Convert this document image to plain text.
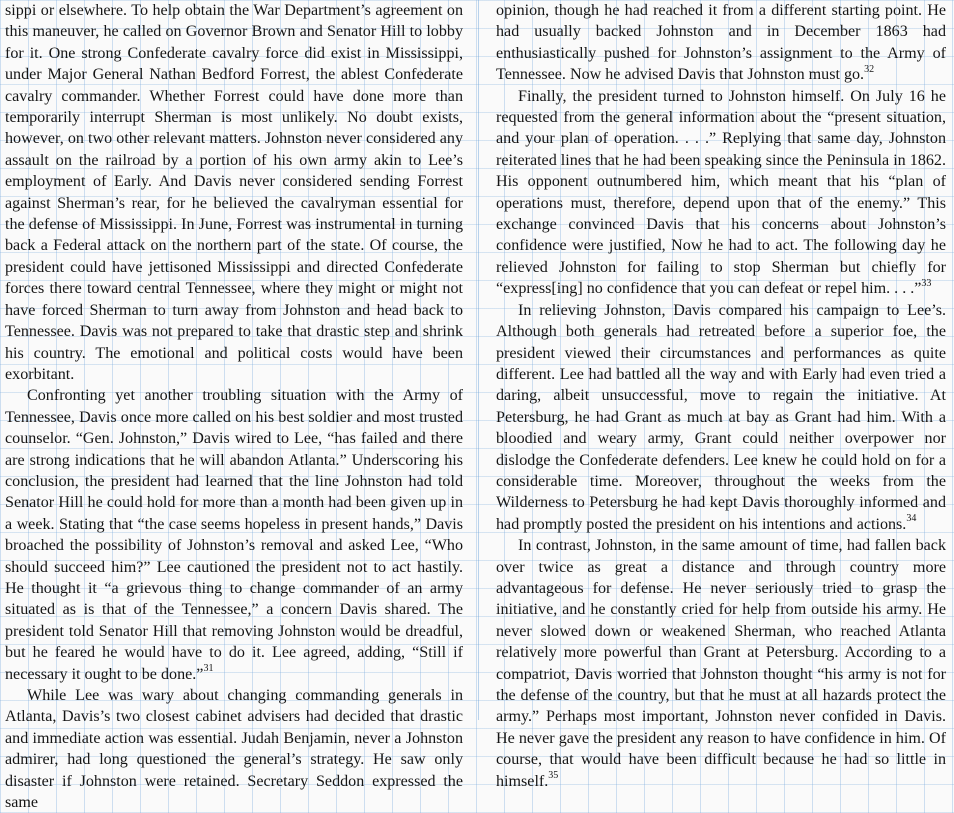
sippi or elsewhere. To help obtain the War Department’s agreement on this maneuver, he called on Governor Brown and Senator Hill to lobby for it. One strong Confederate cavalry force did exist in Mississippi, under Major General Nathan Bedford Forrest, the ablest Confederate cavalry commander. Whether Forrest could have done more than temporarily interrupt Sherman is most unlikely. No doubt exists, however, on two other relevant matters. Johnston never considered any assault on the railroad by a portion of his own army akin to Lee’s employment of Early. And Davis never considered sending Forrest against Sherman’s rear, for he believed the cavalryman essential for the defense of Mississippi. In June, Forrest was instrumental in turning back a Federal attack on the northern part of the state. Of course, the president could have jettisoned Mississippi and directed Confederate forces there toward central Tennessee, where they might or might not have forced Sherman to turn away from Johnston and head back to Tennessee. Davis was not prepared to take that drastic step and shrink his country. The emotional and political costs would have been exorbitant.

Confronting yet another troubling situation with the Army of Tennessee, Davis once more called on his best soldier and most trusted counselor. “Gen. Johnston,” Davis wired to Lee, “has failed and there are strong indications that he will abandon Atlanta.” Underscoring his conclusion, the president had learned that the line Johnston had told Senator Hill he could hold for more than a month had been given up in a week. Stating that “the case seems hopeless in present hands,” Davis broached the possibility of Johnston’s removal and asked Lee, “Who should succeed him?” Lee cautioned the president not to act hastily. He thought it “a grievous thing to change commander of an army situated as is that of the Tennessee,” a concern Davis shared. The president told Senator Hill that removing Johnston would be dreadful, but he feared he would have to do it. Lee agreed, adding, “Still if necessary it ought to be done.”$^{31}$

While Lee was wary about changing commanding generals in Atlanta, Davis’s two closest cabinet advisers had decided that drastic and immediate action was essential. Judah Benjamin, never a Johnston admirer, had long questioned the general’s strategy. He saw only disaster if Johnston were retained. Secretary Seddon expressed the same

opinion, though he had reached it from a different starting point. He had usually backed Johnston and in December 1863 had enthusiastically pushed for Johnston’s assignment to the Army of Tennessee. Now he advised Davis that Johnston must go.$^{32}$

Finally, the president turned to Johnston himself. On July 16 he requested from the general information about the “present situation, and your plan of operation. . . .” Replying that same day, Johnston reiterated lines that he had been speaking since the Peninsula in 1862. His opponent outnumbered him, which meant that his “plan of operations must, therefore, depend upon that of the enemy.” This exchange convinced Davis that his concerns about Johnston’s confidence were justified, Now he had to act. The following day he relieved Johnston for failing to stop Sherman but chiefly for “express[ing] no confidence that you can defeat or repel him. . . .”$^{33}$

In relieving Johnston, Davis compared his campaign to Lee’s. Although both generals had retreated before a superior foe, the president viewed their circumstances and performances as quite different. Lee had battled all the way and with Early had even tried a daring, albeit unsuccessful, move to regain the initiative. At Petersburg, he had Grant as much at bay as Grant had him. With a bloodied and weary army, Grant could neither overpower nor dislodge the Confederate defenders. Lee knew he could hold on for a considerable time. Moreover, throughout the weeks from the Wilderness to Petersburg he had kept Davis thoroughly informed and had promptly posted the president on his intentions and actions.$^{34}$

In contrast, Johnston, in the same amount of time, had fallen back over twice as great a distance and through country more advantageous for defense. He never seriously tried to grasp the initiative, and he constantly cried for help from outside his army. He never slowed down or weakened Sherman, who reached Atlanta relatively more powerful than Grant at Petersburg. According to a compatriot, Davis worried that Johnston thought “his army is not for the defense of the country, but that he must at all hazards protect the army.” Perhaps most important, Johnston never confided in Davis. He never gave the president any reason to have confidence in him. Of course, that would have been difficult because he had so little in himself.$^{35}$
